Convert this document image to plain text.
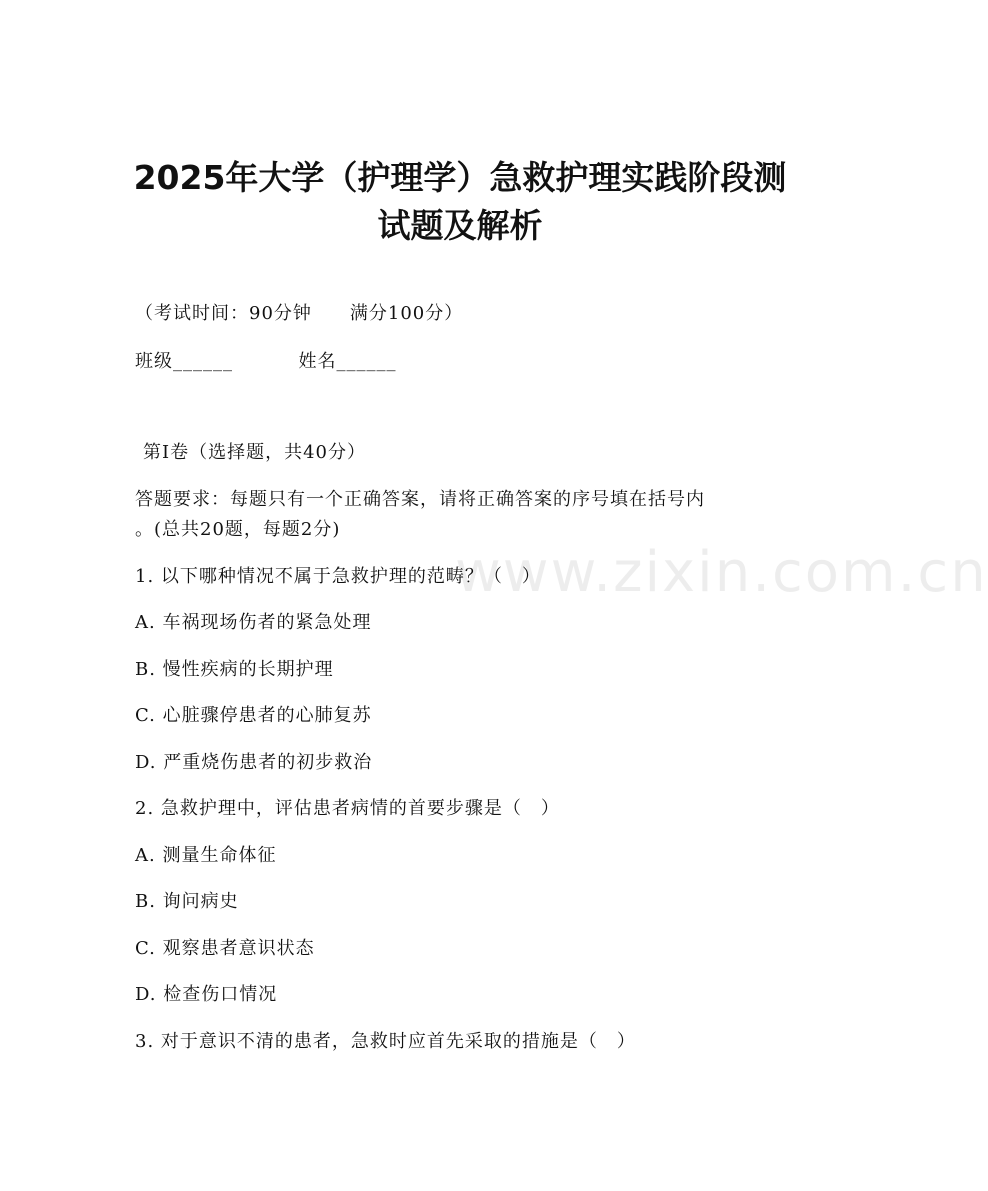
www.zixin.com.cn
2025年大学（护理学）急救护理实践阶段测
试题及解析
（考试时间：90分钟　　满分100分）
班级______	姓名______
第Ⅰ卷（选择题，共40分）
答题要求：每题只有一个正确答案，请将正确答案的序号填在括号内
。(总共20题，每题2分)
1. 以下哪种情况不属于急救护理的范畴？（　）
A. 车祸现场伤者的紧急处理
B. 慢性疾病的长期护理
C. 心脏骤停患者的心肺复苏
D. 严重烧伤患者的初步救治
2. 急救护理中，评估患者病情的首要步骤是（　）
A. 测量生命体征
B. 询问病史
C. 观察患者意识状态
D. 检查伤口情况
3. 对于意识不清的患者，急救时应首先采取的措施是（　）
